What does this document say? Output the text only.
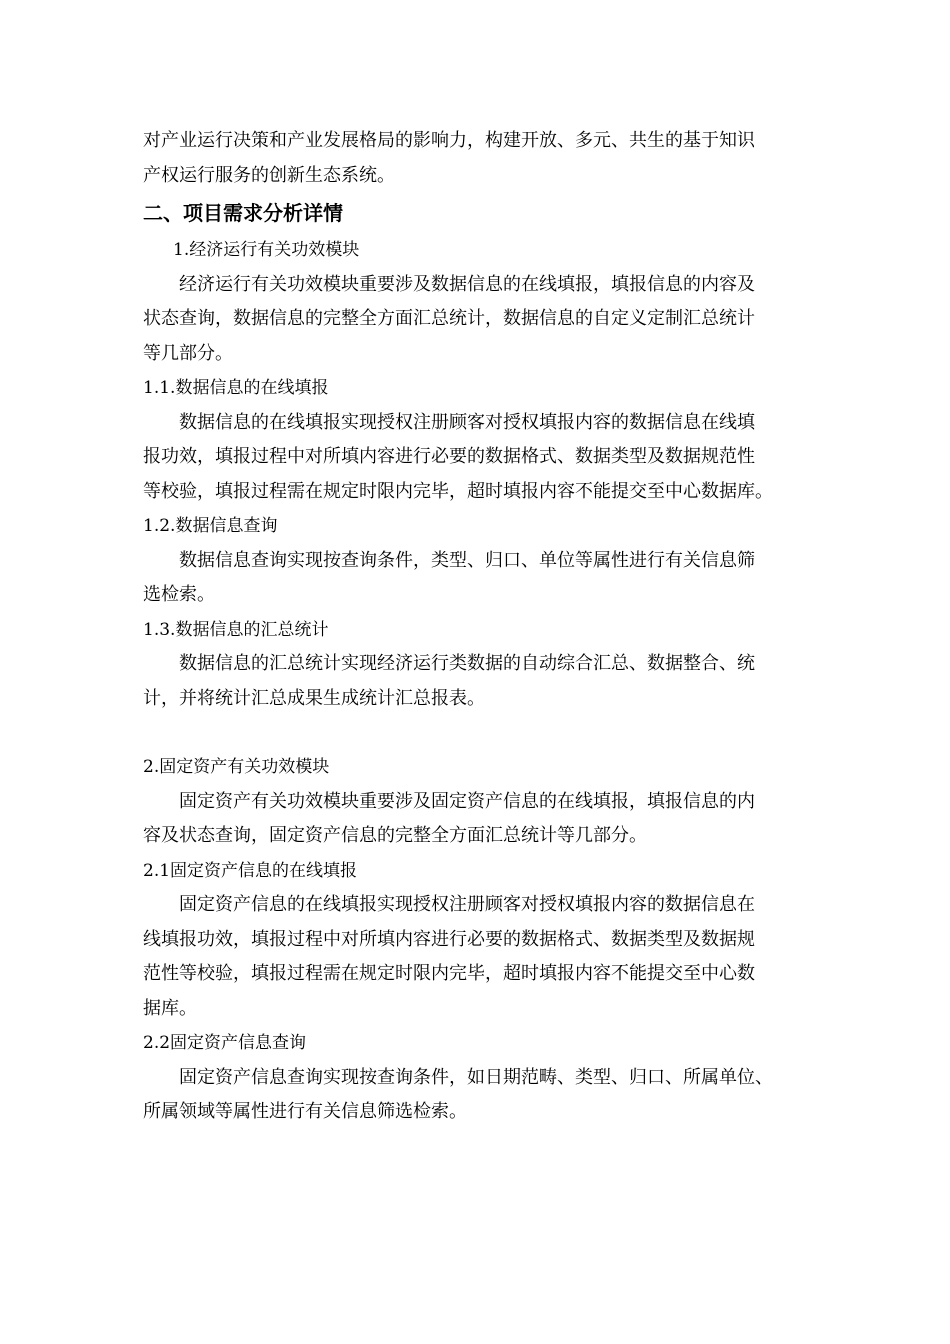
对产业运行决策和产业发展格局的影响力，构建开放、多元、共生的基于知识

产权运行服务的创新生态系统。

二、项目需求分析详情

1.经济运行有关功效模块

经济运行有关功效模块重要涉及数据信息的在线填报，填报信息的内容及

状态查询，数据信息的完整全方面汇总统计，数据信息的自定义定制汇总统计

等几部分。

1.1.数据信息的在线填报

数据信息的在线填报实现授权注册顾客对授权填报内容的数据信息在线填

报功效，填报过程中对所填内容进行必要的数据格式、数据类型及数据规范性

等校验，填报过程需在规定时限内完毕，超时填报内容不能提交至中心数据库。

1.2.数据信息查询

数据信息查询实现按查询条件，类型、归口、单位等属性进行有关信息筛

选检索。

1.3.数据信息的汇总统计

数据信息的汇总统计实现经济运行类数据的自动综合汇总、数据整合、统

计，并将统计汇总成果生成统计汇总报表。

2.固定资产有关功效模块

固定资产有关功效模块重要涉及固定资产信息的在线填报，填报信息的内

容及状态查询，固定资产信息的完整全方面汇总统计等几部分。

2.1固定资产信息的在线填报

固定资产信息的在线填报实现授权注册顾客对授权填报内容的数据信息在

线填报功效，填报过程中对所填内容进行必要的数据格式、数据类型及数据规

范性等校验，填报过程需在规定时限内完毕，超时填报内容不能提交至中心数

据库。

2.2固定资产信息查询

固定资产信息查询实现按查询条件，如日期范畴、类型、归口、所属单位、

所属领域等属性进行有关信息筛选检索。
